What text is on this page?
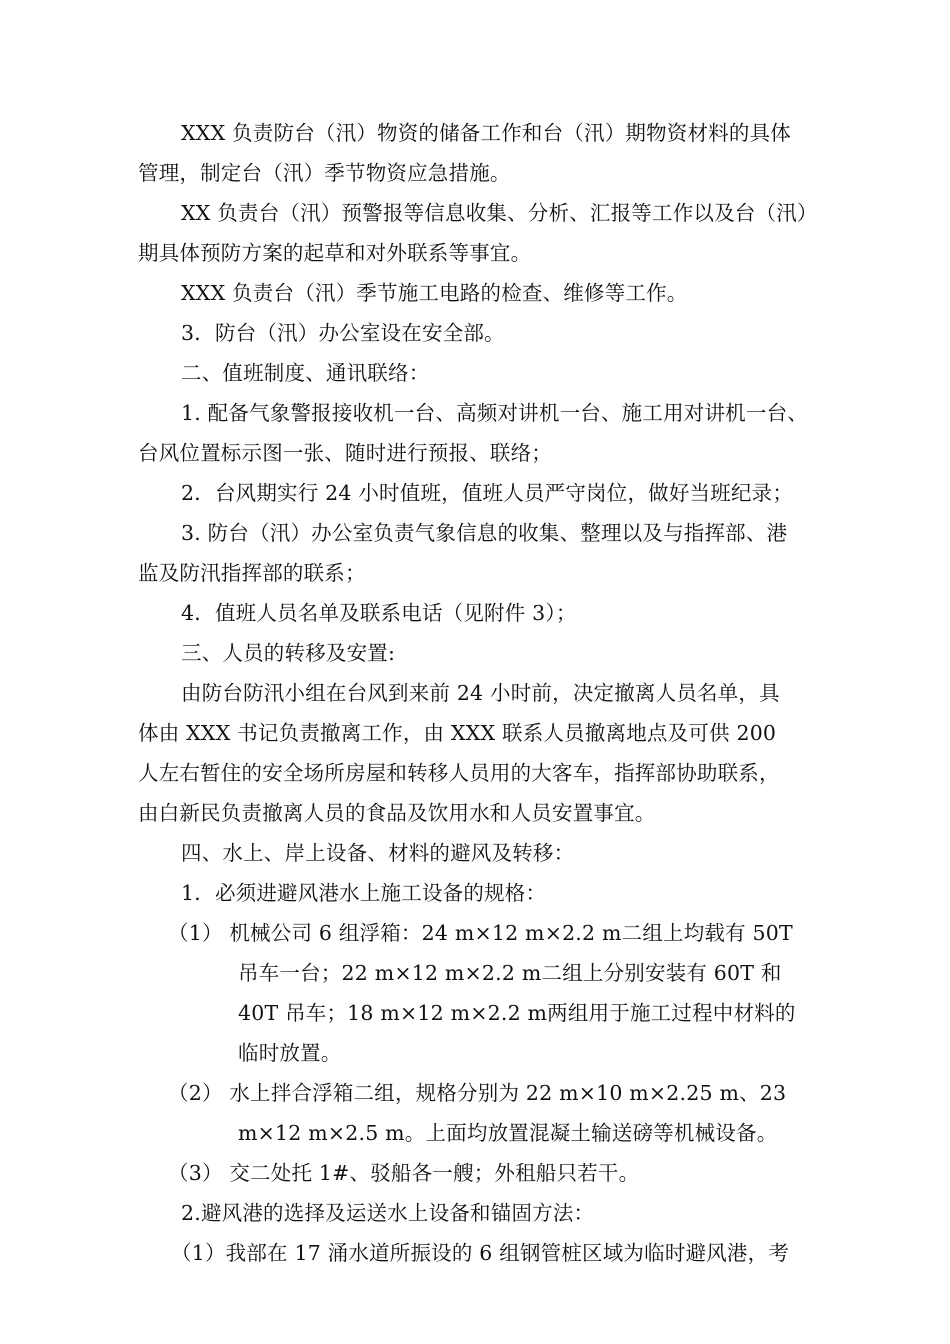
XXX 负责防台（汛）物资的储备工作和台（汛）期物资材料的具体
管理，制定台（汛）季节物资应急措施。
XX 负责台（汛）预警报等信息收集、分析、汇报等工作以及台（汛）
期具体预防方案的起草和对外联系等事宜。
XXX 负责台（汛）季节施工电路的检查、维修等工作。
3．防台（汛）办公室设在安全部。
二、值班制度、通讯联络：
1. 配备气象警报接收机一台、高频对讲机一台、施工用对讲机一台、
台风位置标示图一张、随时进行预报、联络；
2．台风期实行 24 小时值班，值班人员严守岗位，做好当班纪录；
3. 防台（汛）办公室负责气象信息的收集、整理以及与指挥部、港
监及防汛指挥部的联系；
4．值班人员名单及联系电话（见附件 3）；
三、人员的转移及安置:
由防台防汛小组在台风到来前 24 小时前，决定撤离人员名单，具
体由 XXX 书记负责撤离工作，由 XXX 联系人员撤离地点及可供 200
人左右暂住的安全场所房屋和转移人员用的大客车，指挥部协助联系，
由白新民负责撤离人员的食品及饮用水和人员安置事宜。
四、水上、岸上设备、材料的避风及转移：
1．必须进避风港水上施工设备的规格：
（1） 机械公司 6 组浮箱：24 m×12 m×2.2 m二组上均载有 50T
吊车一台；22 m×12 m×2.2 m二组上分别安装有 60T 和
40T 吊车；18 m×12 m×2.2 m两组用于施工过程中材料的
临时放置。
（2） 水上拌合浮箱二组，规格分别为 22 m×10 m×2.25 m、23
m×12 m×2.5 m。上面均放置混凝土输送磅等机械设备。
（3） 交二处托 1#、驳船各一艘；外租船只若干。
2.避风港的选择及运送水上设备和锚固方法：
（1）我部在 17 涌水道所振设的 6 组钢管桩区域为临时避风港，考
